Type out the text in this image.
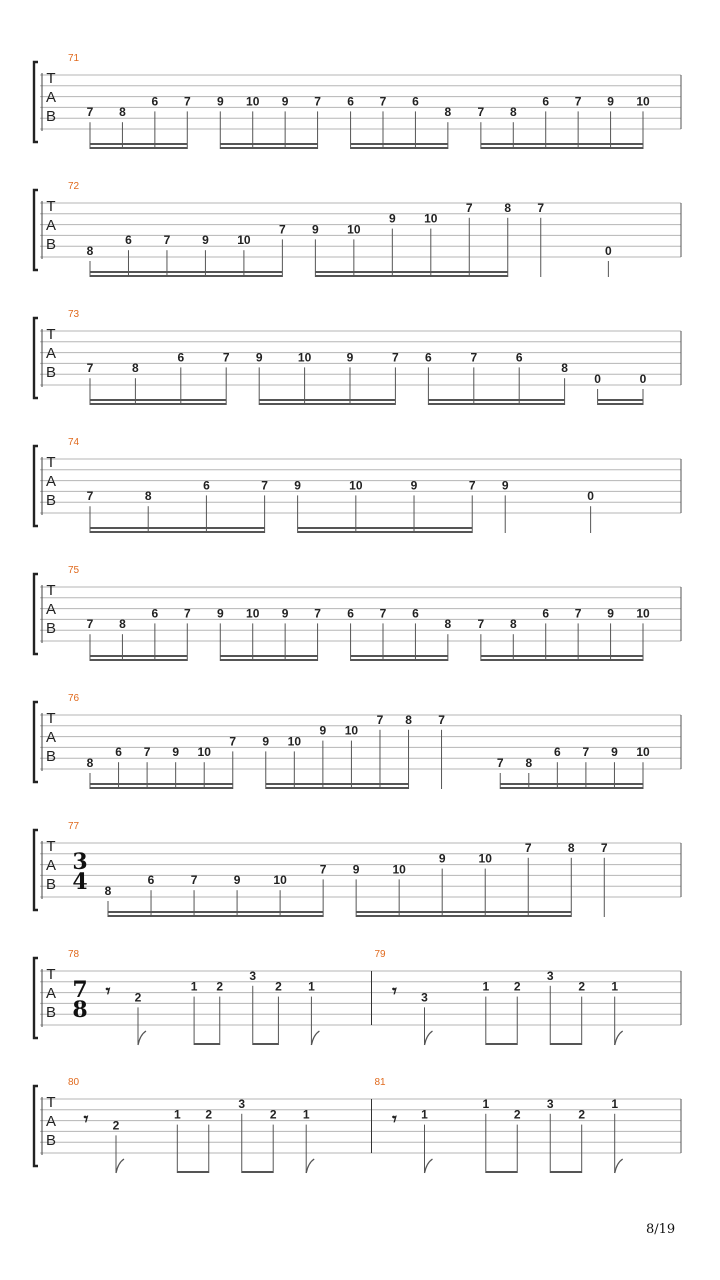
T
A
B
71
7 8
6 7 9 10 9 7 6 7 6
8 7 8
6 7 9 10
T
A
B
72
8
6	7	9 10
7 9 10
9 10
7	8 7
0
T
A
B
73
7	8
6	7 9	10	9	7 6	7	6
8
0	0
T
A
B
74
7	8
6	7 9	10	9	7 9
0
T
A
B
75
7 8
6 7 9 10 9 7 6 7 6
8 7 8
6 7 9 10
T
A
B
76
8
6 7 9 10
7 9 10
9 10
7 8 7
7 8
6 7 9 10
T
A
B
77
3
4 8
6	7	9	10
7 9	10
9	10
7	8 7
T
A
B
78
7
8
𝄾 2
1 2
3
2 1
79
𝄾 3
1 2
3
2 1
T
A
B
80
𝄾 2
1 2
3
2 1
81
𝄾 1
1
2
3
2
1
8/19
